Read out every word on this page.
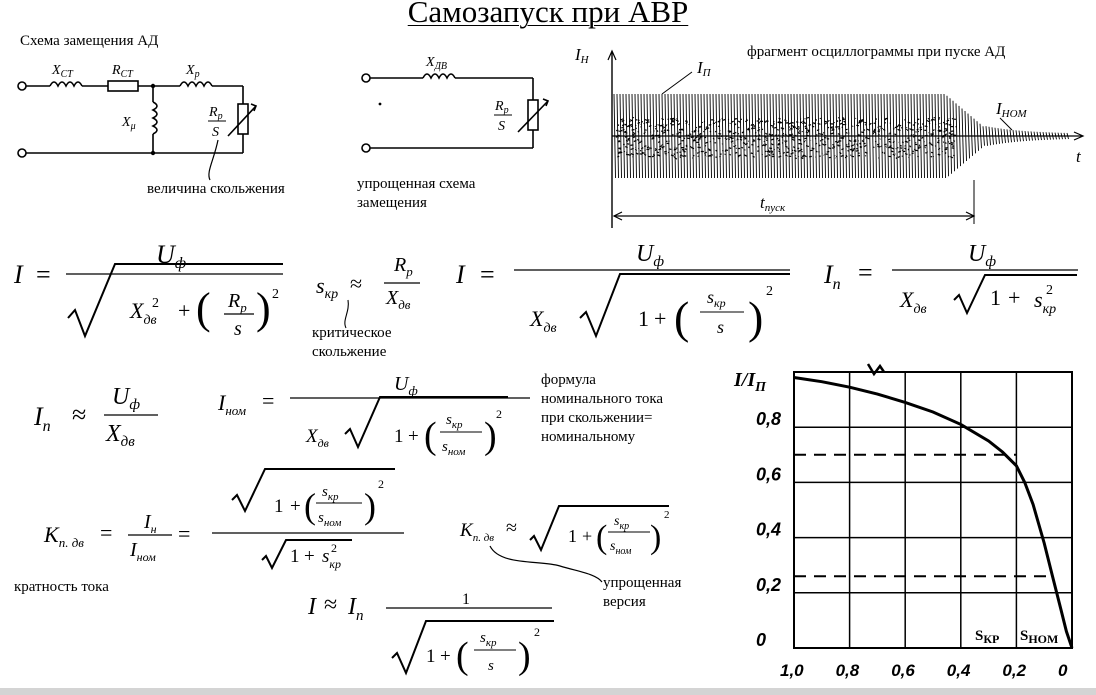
Самозапуск при АВР
Схема замещения АД
величина скольжения	упрощенная схема
замещения
фрагмент осциллограммы при пуске АД
критическое
скольжение
формула
номинального тока
при скольжении=
номинальному
кратность тока	упрощенная
версия
$X_{СТ}$	$R_{СТ}$	$X_р$
$X_\mu$
$R_р$
S
$X_{ДВ}$
$R_р$
S
IН	IП
IНОМ
t
tпуск
I =
Uф
$X_{дв}$
2 + ( $R_р$
s ) 2 $s_{кр}$ ≈
$R_р$
$X_{дв}$
I =
$U_ф$
$X_{дв}$	1 + ( $s_{кр}$
s )
2
$I_п$ =
$U_ф$
$X_{дв}$	$1 + s_{кр}$
2
$I_п$ ≈
$U_ф$
$X_{дв}$
$I_{ном}$ =
$U_ф$
$X_{дв}$	1 + ( $s_{кр}$
$s_{ном}$ )
2
$K_{п. дв} = I_н$
$I_{ном}$
=
1 + ( $s_{кр}$
$s_{ном}$ )
2
$1 + s_{кр}$
2
$K_{п. дв}$ ≈	1 + ( $s_{кр}$
$s_{ном}$ )
2
$I \approx I_п$
1
1 + ( $s_{кр}$
s )
2
1,0 0,8 0,6 0,4 0,2 0
0
0,2
0,4
0,6
0,8
$I/I_П$
$S_{КР}$ $S_{НОМ}$
